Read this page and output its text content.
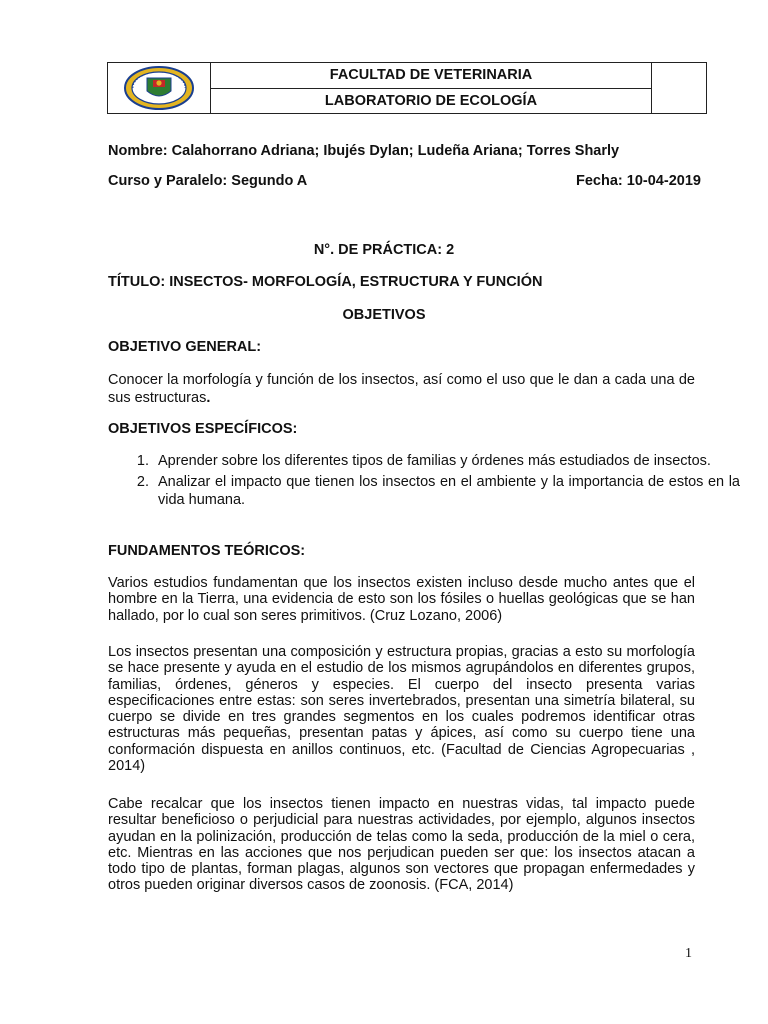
	FACULTAD DE VETERINARIA	
LABORATORIO DE ECOLOGÍA
Nombre: Calahorrano Adriana; Ibujés Dylan; Ludeña Ariana; Torres Sharly
Curso y Paralelo: Segundo A	Fecha: 10-04-2019
N°. DE PRÁCTICA: 2
TÍTULO: INSECTOS- MORFOLOGÍA, ESTRUCTURA Y FUNCIÓN
OBJETIVOS
OBJETIVO GENERAL:
Conocer la morfología y función de los insectos, así como el uso que le dan a cada una de sus estructuras.
OBJETIVOS ESPECÍFICOS:
1. Aprender sobre los diferentes tipos de familias y órdenes más estudiados de insectos.
2. Analizar el impacto que tienen los insectos en el ambiente y la importancia de estos en la vida humana.
FUNDAMENTOS TEÓRICOS:
Varios estudios fundamentan que los insectos existen incluso desde mucho antes que el hombre en la Tierra, una evidencia de esto son los fósiles o huellas geológicas que se han hallado, por lo cual son seres primitivos. (Cruz Lozano, 2006)
Los insectos presentan una composición y estructura propias, gracias a esto su morfología se hace presente y ayuda en el estudio de los mismos agrupándolos en diferentes grupos, familias, órdenes, géneros y especies. El cuerpo del insecto presenta varias especificaciones entre estas: son seres invertebrados, presentan una simetría bilateral, su cuerpo se divide en tres grandes segmentos en los cuales podremos identificar otras estructuras más pequeñas, presentan patas y ápices, así como su cuerpo tiene una conformación dispuesta en anillos continuos, etc. (Facultad de Ciencias Agropecuarias , 2014)
Cabe recalcar que los insectos tienen impacto en nuestras vidas, tal impacto puede resultar beneficioso o perjudicial para nuestras actividades, por ejemplo, algunos insectos ayudan en la polinización, producción de telas como la seda, producción de la miel o cera, etc. Mientras en las acciones que nos perjudican pueden ser que: los insectos atacan a todo tipo de plantas, forman plagas, algunos son vectores que propagan enfermedades y otros pueden originar diversos casos de zoonosis. (FCA, 2014)
1
